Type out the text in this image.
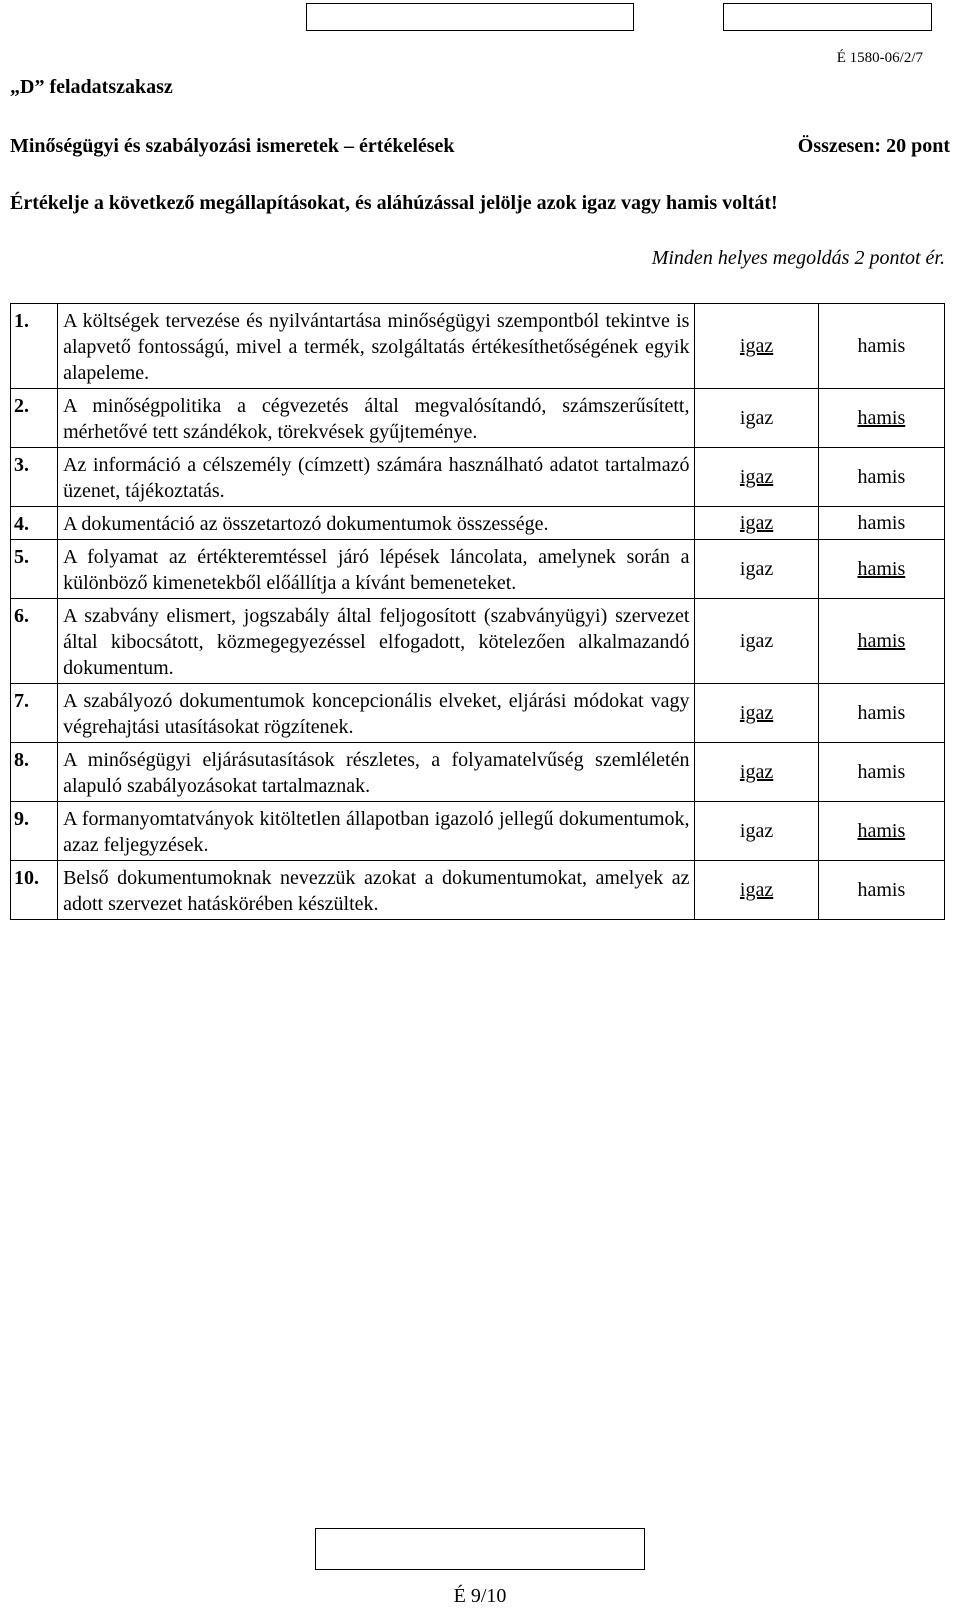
É 1580-06/2/7
„D” feladatszakasz
Minőségügyi és szabályozási ismeretek – értékelések	Összesen: 20 pont
Értékelje a következő megállapításokat, és aláhúzással jelölje azok igaz vagy hamis voltát!
Minden helyes megoldás 2 pontot ér.
1.	A költségek tervezése és nyilvántartása minőségügyi szempontból tekintve is alapvető fontosságú, mivel a termék, szolgáltatás értékesíthetőségének egyik alapeleme.	igaz	hamis
2.	A minőségpolitika a cégvezetés által megvalósítandó, számszerűsített, mérhetővé tett szándékok, törekvések gyűjteménye.	igaz	hamis
3.	Az információ a célszemély (címzett) számára használható adatot tartalmazó üzenet, tájékoztatás.	igaz	hamis
4.	A dokumentáció az összetartozó dokumentumok összessége.	igaz	hamis
5.	A folyamat az értékteremtéssel járó lépések láncolata, amelynek során a különböző kimenetekből előállítja a kívánt bemeneteket.	igaz	hamis
6.	A szabvány elismert, jogszabály által feljogosított (szabványügyi) szervezet által kibocsátott, közmegegyezéssel elfogadott, kötelezően alkalmazandó dokumentum.	igaz	hamis
7.	A szabályozó dokumentumok koncepcionális elveket, eljárási módokat vagy végrehajtási utasításokat rögzítenek.	igaz	hamis
8.	A minőségügyi eljárásutasítások részletes, a folyamatelvűség szemléletén alapuló szabályozásokat tartalmaznak.	igaz	hamis
9.	A formanyomtatványok kitöltetlen állapotban igazoló jellegű dokumentumok, azaz feljegyzések.	igaz	hamis
10.	Belső dokumentumoknak nevezzük azokat a dokumentumokat, amelyek az adott szervezet hatáskörében készültek.	igaz	hamis
É 9/10
